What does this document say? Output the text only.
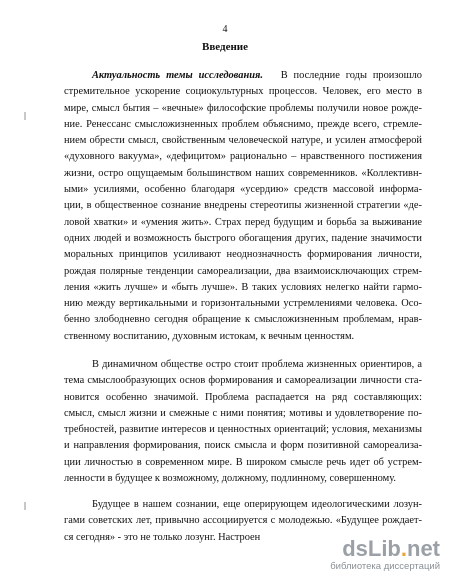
4
Введение
Актуальность темы исследования. В последние годы произошло
стремительное ускорение социокультурных процессов. Человек, его место в
мире, смысл бытия – «вечные» философские проблемы получили новое рожде-
ние. Ренессанс смысложизненных проблем объяснимо, прежде всего, стремле-
нием обрести смысл, свойственным человеческой натуре, и усилен атмосферой
«духовного вакуума», «дефицитом» рационально – нравственного постижения
жизни, остро ощущаемым большинством наших современников. «Коллективн-
ыми» усилиями, особенно благодаря «усердию» средств массовой информа-
ции, в общественное сознание внедрены стереотипы жизненной стратегии «де-
ловой хватки» и «умения жить». Страх перед будущим и борьба за выживание
одних людей и возможность быстрого обогащения других, падение значимости
моральных принципов усиливают неоднозначность формирования личности,
рождая полярные тенденции самореализации, два взаимоисключающих стрем-
ления «жить лучше» и «быть лучше». В таких условиях нелегко найти гармо-
нию между вертикальными и горизонтальными устремлениями человека. Осо-
бенно злободневно сегодня обращение к смысложизненным проблемам, нрав-
ственному воспитанию, духовным истокам, к вечным ценностям.
В динамичном обществе остро стоит проблема жизненных ориентиров, а
тема смыслообразующих основ формирования и самореализации личности ста-
новится особенно значимой. Проблема распадается на ряд составляющих:
смысл, смысл жизни и смежные с ними понятия; мотивы и удовлетворение по-
требностей, развитие интересов и ценностных ориентаций; условия, механизмы
и направления формирования, поиск смысла и форм позитивной самореализа-
ции личностью в современном мире. В широком смысле речь идет об устрем-
ленности в будущее к возможному, должному, подлинному, совершенному.
Будущее в нашем сознании, еще оперирующем идеологическими лозун-
гами советских лет, привычно ассоциируется с молодежью. «Будущее рождает-
ся сегодня» - это не только лозунг. Настроен	dsLib.net
библиотека диссертаций
